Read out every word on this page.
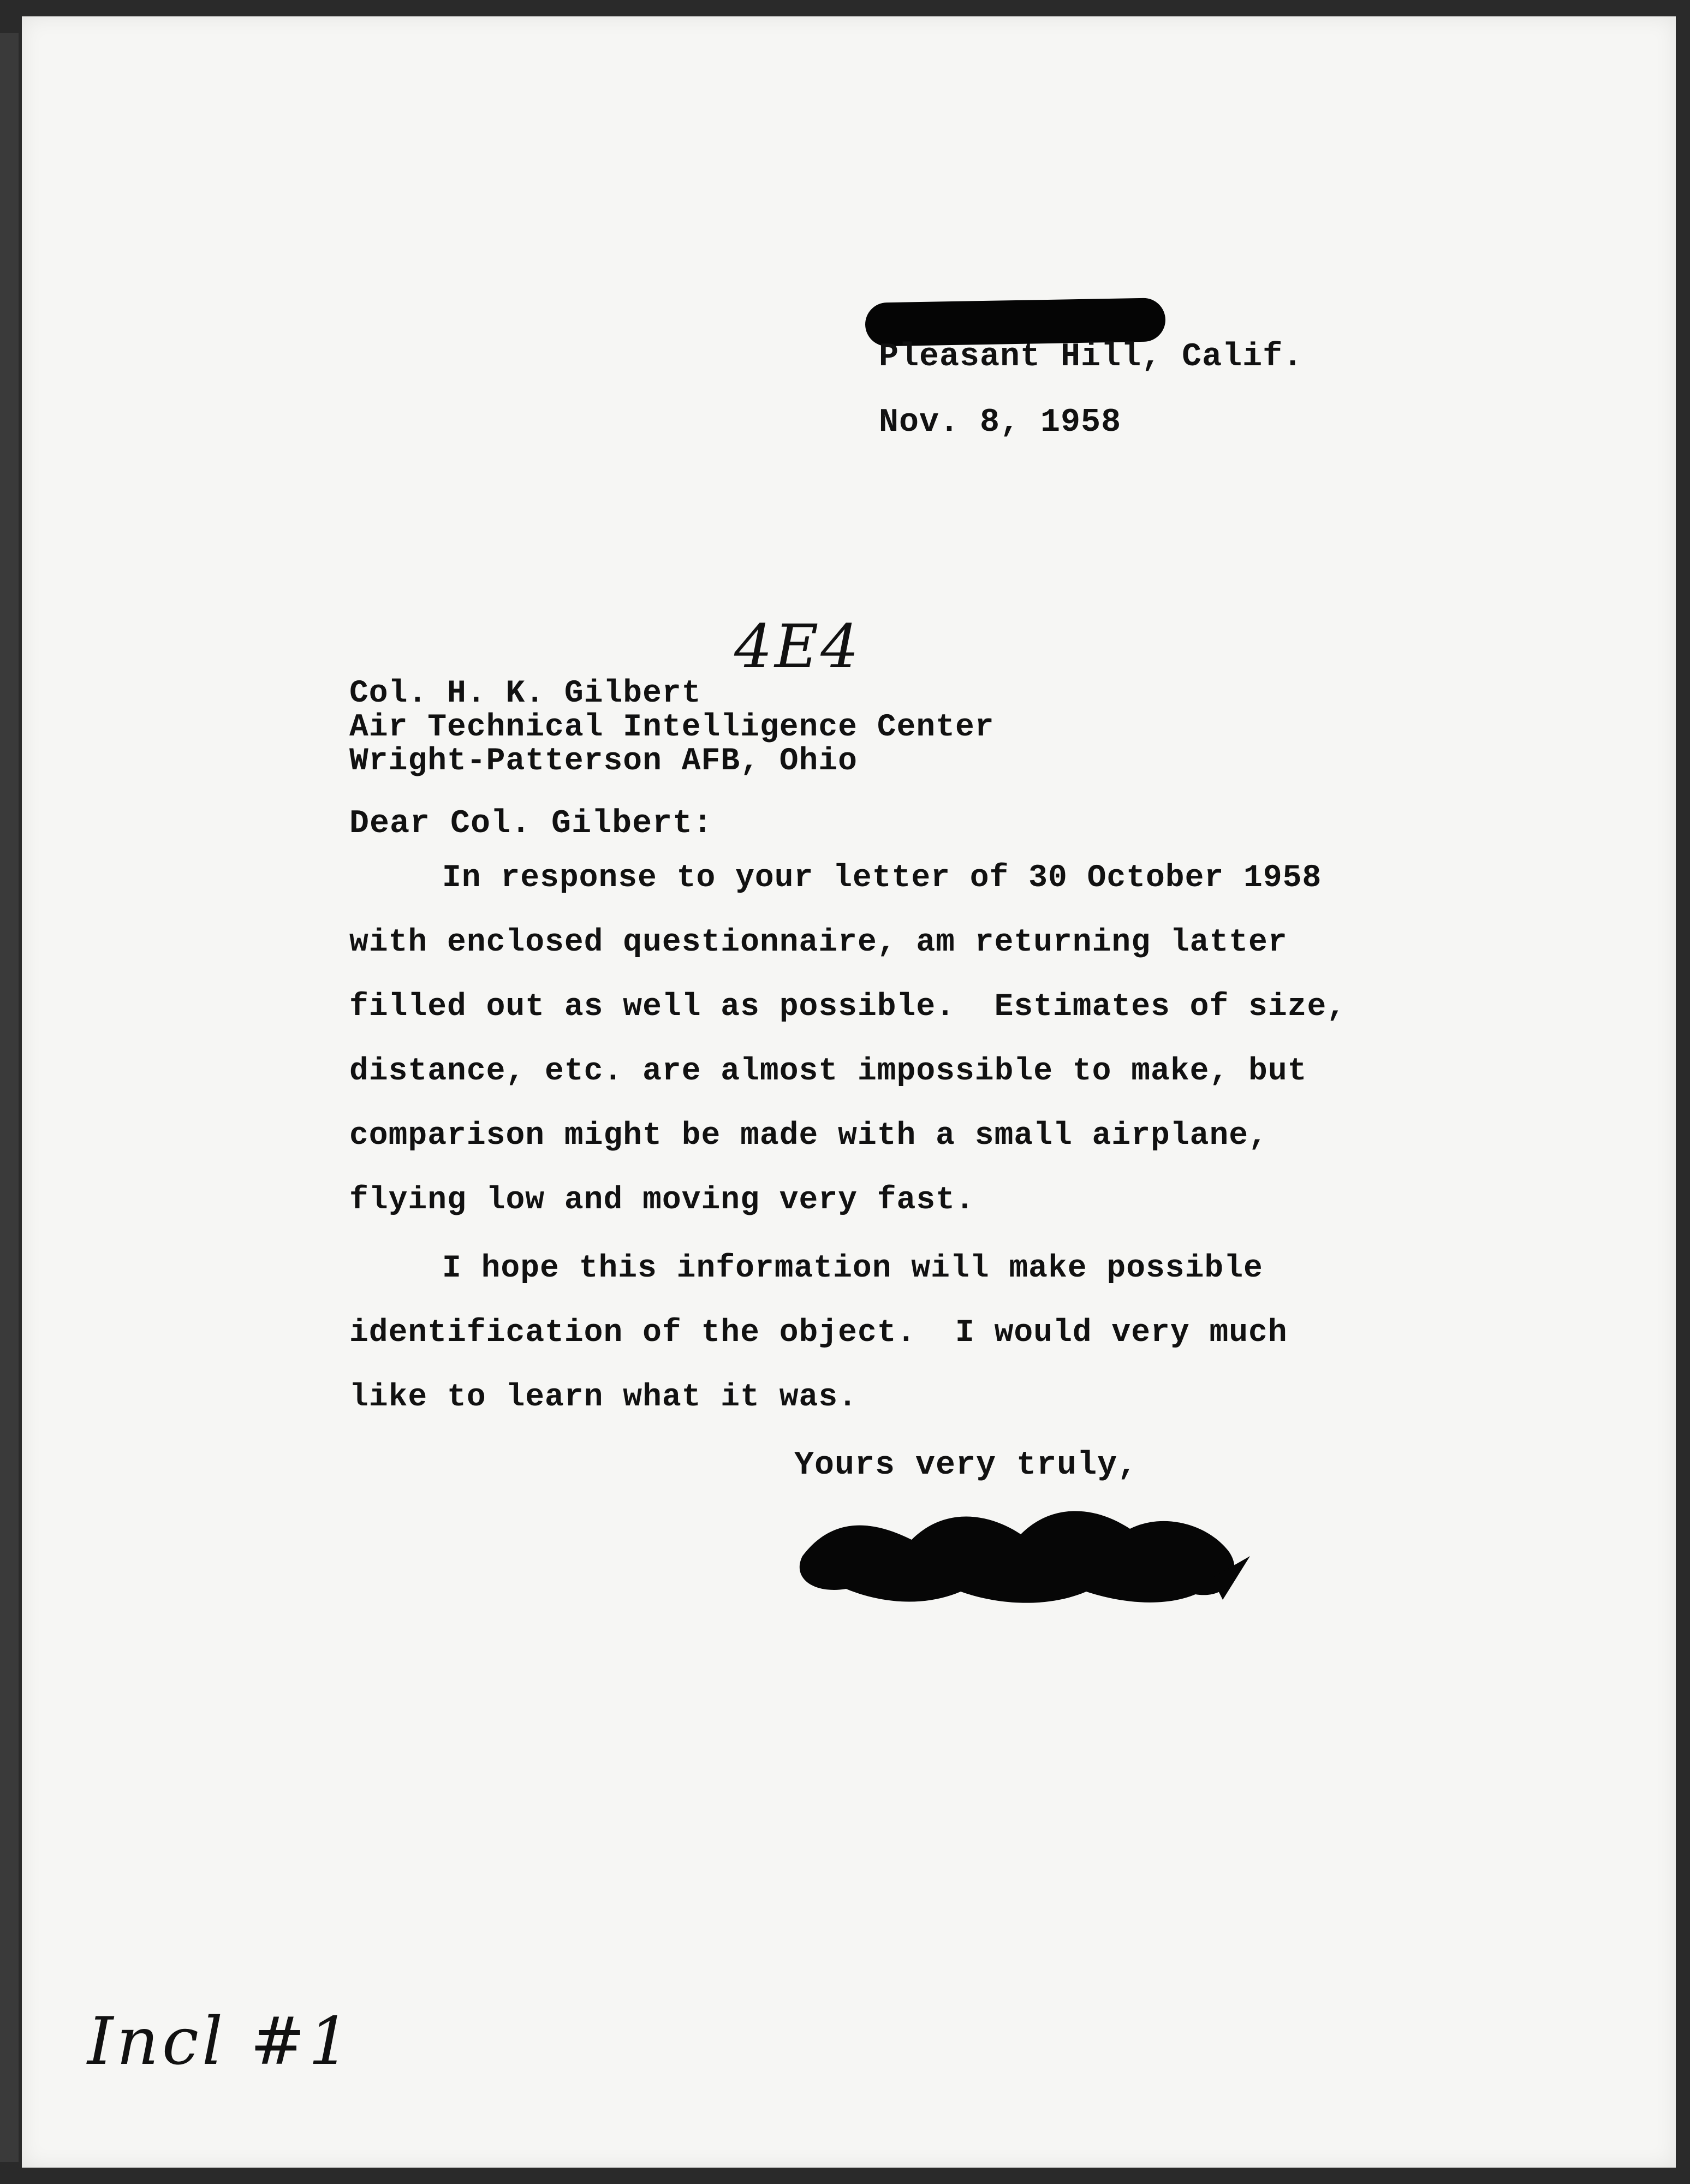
Pleasant Hill, Calif.
Nov. 8, 1958
4E4
Col. H. K. Gilbert
Air Technical Intelligence Center
Wright-Patterson AFB, Ohio
Dear Col. Gilbert:
In response to your letter of 30 October 1958
with enclosed questionnaire, am returning latter
filled out as well as possible.  Estimates of size,
distance, etc. are almost impossible to make, but
comparison might be made with a small airplane,
flying low and moving very fast.
I hope this information will make possible
identification of the object.  I would very much
like to learn what it was.
Yours very truly,
Incl #1
